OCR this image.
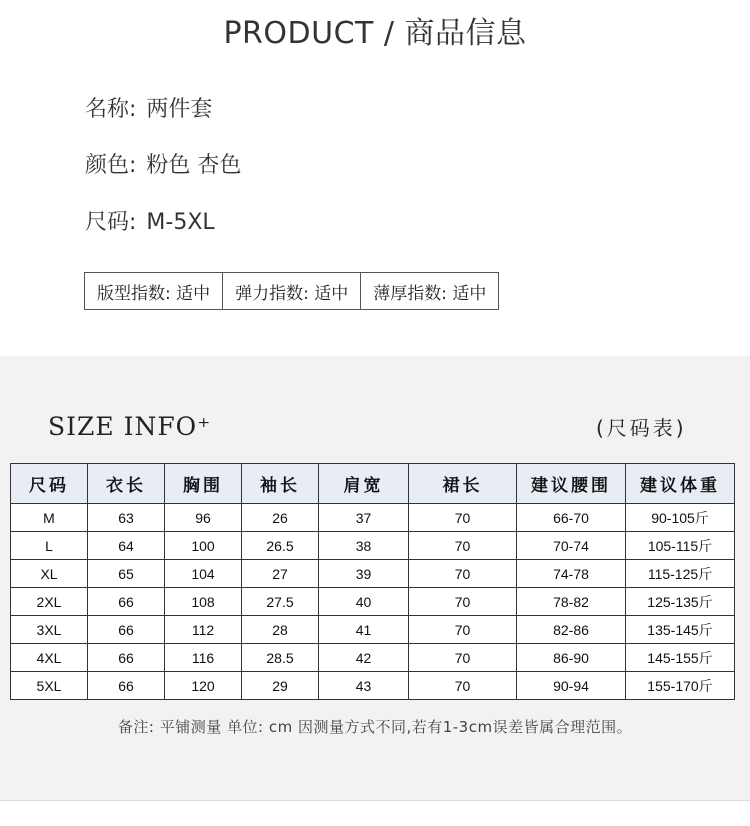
PRODUCT / 商品信息
名称: 两件套
颜色: 粉色 杏色
尺码: M-5XL
版型指数: 适中	弹力指数: 适中	薄厚指数: 适中
SIZE INFO⁺	(尺码表)
尺码	衣长	胸围	袖长	肩宽	裙长	建议腰围	建议体重
M	63	96	26	37	70	66-70	90-105斤
L	64	100	26.5	38	70	70-74	105-115斤
XL	65	104	27	39	70	74-78	115-125斤
2XL	66	108	27.5	40	70	78-82	125-135斤
3XL	66	112	28	41	70	82-86	135-145斤
4XL	66	116	28.5	42	70	86-90	145-155斤
5XL	66	120	29	43	70	90-94	155-170斤
备注: 平铺测量 单位: cm 因测量方式不同,若有1-3cm误差皆属合理范围。
